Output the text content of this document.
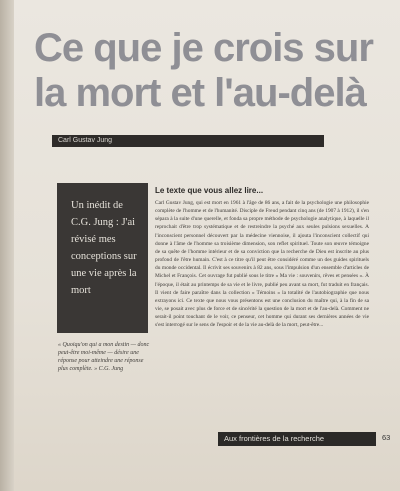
Ce que je crois sur
la mort et l'au-delà
Carl Gustav Jung

Un inédit de C.G. Jung : J'ai révisé mes conceptions sur une vie après la mort

Le texte que vous allez lire...

Carl Gustav Jung, qui est mort en 1961 à l'âge de 86 ans, a fait de la psychologie une philosophie complète de l'homme et de l'humanité. Disciple de Freud pendant cinq ans (de 1907 à 1912), il s'en sépara à la suite d'une querelle, et fonda sa propre méthode de psychologie analytique, à laquelle il reprochait d'être trop systématique et de restreindre la psyché aux seules pulsions sexuelles. A l'inconscient personnel découvert par la médecine viennoise, il ajouta l'inconscient collectif qui donne à l'âme de l'homme sa troisième dimension, son reflet spirituel. Toute son œuvre témoigne de sa quête de l'homme intérieur et de sa conviction que la recherche de Dieu est inscrite au plus profond de l'être humain. C'est à ce titre qu'il peut être considéré comme un des guides spirituels du monde occidental. Il écrivit ses souvenirs à 82 ans, sous l'impulsion d'un ensemble d'articles de Michel et François. Cet ouvrage fut publié sous le titre « Ma vie : souvenirs, rêves et pensées ». À l'époque, il était au printemps de sa vie et le livre, publié peu avant sa mort, fut traduit en français. Il vient de faire paraître dans la collection « Témoins » la totalité de l'autobiographie que nous extrayons ici. Ce texte que nous vous présentons est une conclusion du maître qui, à la fin de sa vie, se posait avec plus de force et de sincérité la question de la mort et de l'au-delà. Comment ne serait-il point touchant de le voir, ce penseur, cet homme qui durant ses dernières années de vie s'est interrogé sur le sens de l'espoir et de la vie au-delà de la mort, peut-être...

« Quoiqu'on qui a mon destin — donc peut-être moi-même — désire une réponse pour atteindre une réponse plus complète. » C.G. Jung

Aux frontières de la recherche	63
